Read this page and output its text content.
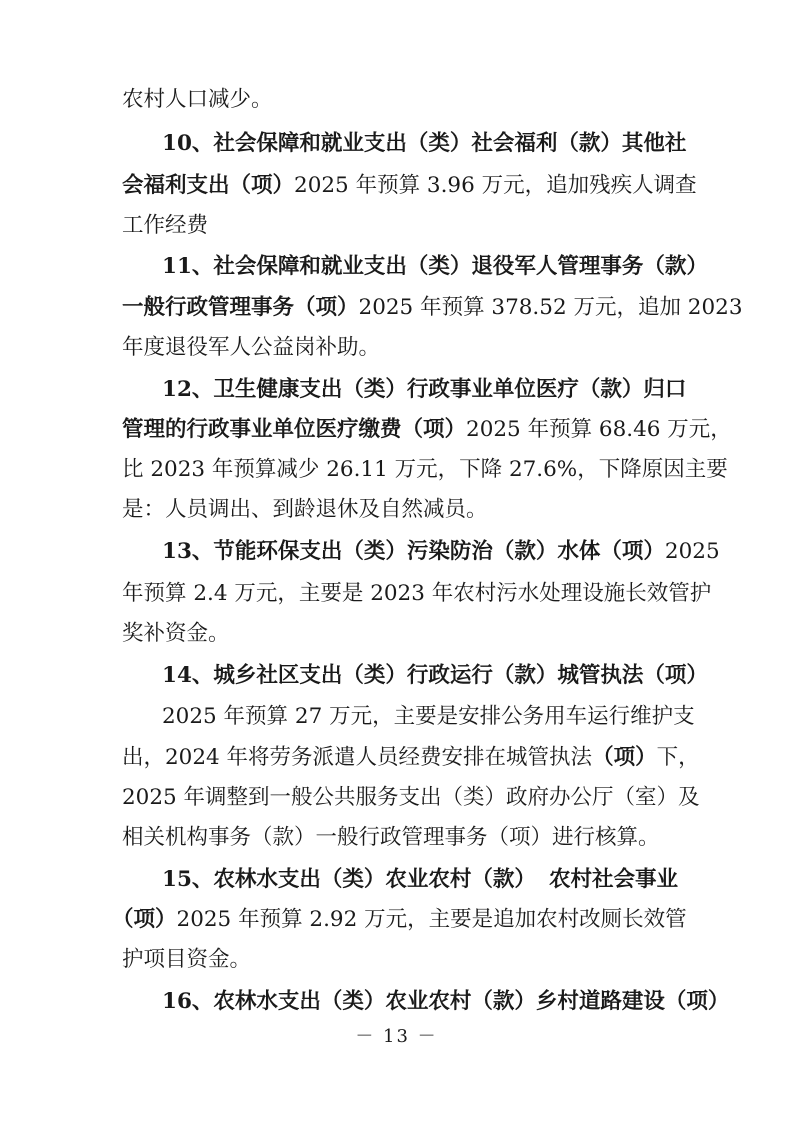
农村人口减少。
10、社会保障和就业支出（类）社会福利（款）其他社
会福利支出（项） 2025 年预算 3.96 万元，追加残疾人调查
工作经费
11、社会保障和就业支出（类）退役军人管理事务（款）
一般行政管理事务（项） 2025 年预算 378.52 万元，追加 2023
年度退役军人公益岗补助。
12、卫生健康支出（类）行政事业单位医疗（款）归口
管理的行政事业单位医疗缴费（项） 2025 年预算 68.46 万元，
比 2023 年预算减少 26.11 万元，下降 27.6%，下降原因主要
是：人员调出、到龄退休及自然减员。
13、节能环保支出（类）污染防治（款）水体（项） 2025
年预算 2.4 万元，主要是 2023 年农村污水处理设施长效管护
奖补资金。
14、城乡社区支出（类）行政运行（款）城管执法（项）
2025 年预算 27 万元，主要是安排公务用车运行维护支
出，2024 年将劳务派遣人员经费安排在城管执法 （项） 下，
2025 年调整到一般公共服务支出（类）政府办公厅（室）及
相关机构事务（款）一般行政管理事务（项）进行核算。
15、农林水支出（类）农业农村（款） 农村社会事业
（项） 2025 年预算 2.92 万元，主要是追加农村改厕长效管
护项目资金。
16、农林水支出（类）农业农村（款）乡村道路建设（项）
－ 13 －
